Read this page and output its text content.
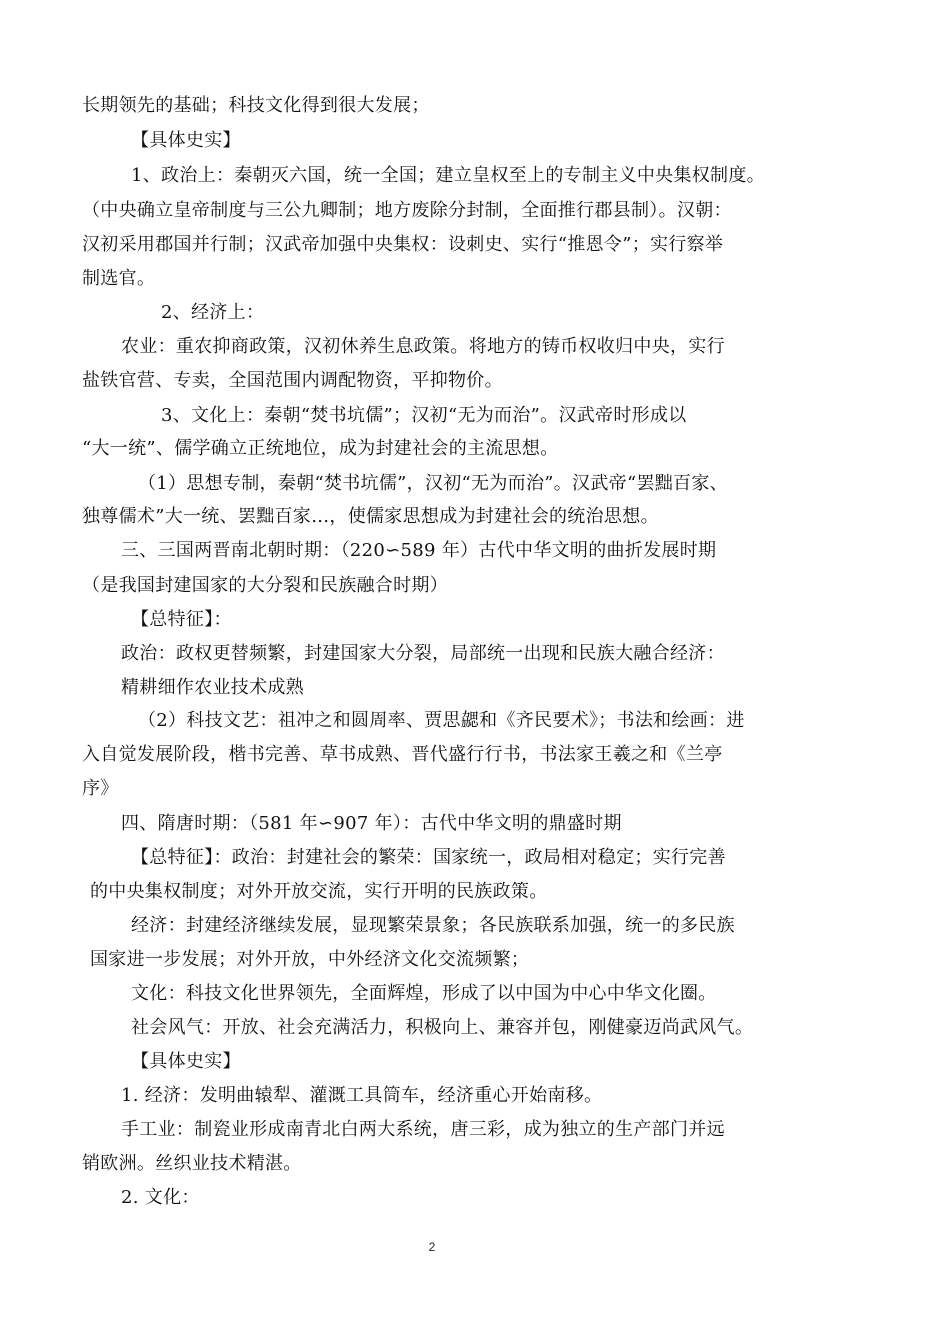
长期领先的基础；科技文化得到很大发展；
【具体史实】
1、政治上：秦朝灭六国，统一全国；建立皇权至上的专制主义中央集权制度。
（中央确立皇帝制度与三公九卿制；地方废除分封制，全面推行郡县制）。汉朝：
汉初采用郡国并行制；汉武帝加强中央集权：设刺史、实行“推恩令”；实行察举
制选官。
2、经济上：
农业：重农抑商政策，汉初休养生息政策。将地方的铸币权收归中央，实行
盐铁官营、专卖，全国范围内调配物资，平抑物价。
3、文化上：秦朝“焚书坑儒”；汉初“无为而治”。汉武帝时形成以
“大一统”、儒学确立正统地位，成为封建社会的主流思想。
（1）思想专制，秦朝“焚书坑儒”，汉初“无为而治”。汉武帝“罢黜百家、
独尊儒术”大一统、罢黜百家…，使儒家思想成为封建社会的统治思想。
三、三国两晋南北朝时期：（220∽589 年）古代中华文明的曲折发展时期
（是我国封建国家的大分裂和民族融合时期）
【总特征】：
政治：政权更替频繁，封建国家大分裂，局部统一出现和民族大融合经济：
精耕细作农业技术成熟
（2）科技文艺：祖冲之和圆周率、贾思勰和《齐民要术》；书法和绘画：进
入自觉发展阶段，楷书完善、草书成熟、晋代盛行行书，书法家王羲之和《兰亭
序》
四、隋唐时期：（581 年∽907 年）：古代中华文明的鼎盛时期
【总特征】：政治：封建社会的繁荣：国家统一，政局相对稳定；实行完善
的中央集权制度；对外开放交流，实行开明的民族政策。
经济：封建经济继续发展，显现繁荣景象；各民族联系加强，统一的多民族
国家进一步发展；对外开放，中外经济文化交流频繁；
文化：科技文化世界领先，全面辉煌，形成了以中国为中心中华文化圈。
社会风气：开放、社会充满活力，积极向上、兼容并包，刚健豪迈尚武风气。
【具体史实】
1. 经济：发明曲辕犁、灌溉工具筒车，经济重心开始南移。
手工业：制瓷业形成南青北白两大系统，唐三彩，成为独立的生产部门并远
销欧洲。丝织业技术精湛。
2. 文化：
2
